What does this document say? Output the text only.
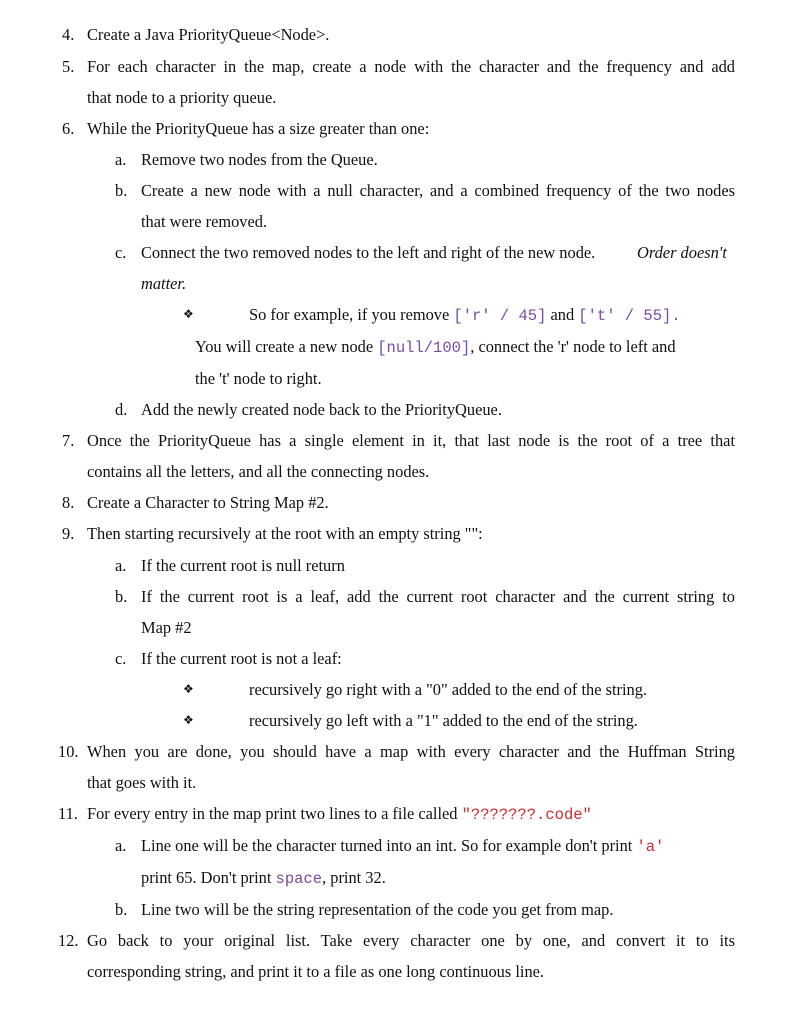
4. Create a Java PriorityQueue<Node>.
5. For each character in the map, create a node with the character and the frequency and add
that node to a priority queue.
6. While the PriorityQueue has a size greater than one:
a. Remove two nodes from the Queue.
b. Create a new node with a null character, and a combined frequency of the two nodes
that were removed.
c. Connect the two removed nodes to the left and right of the new node.	Order doesn't
matter.
❖	So for example, if you remove ['r' / 45] and ['t' / 55].
You will create a new node [null/100], connect the 'r' node to left and
the 't' node to right.
d. Add the newly created node back to the PriorityQueue.
7. Once the PriorityQueue has a single element in it, that last node is the root of a tree that
contains all the letters, and all the connecting nodes.
8. Create a Character to String Map #2.
9. Then starting recursively at the root with an empty string "":
a. If the current root is null return
b. If the current root is a leaf, add the current root character and the current string to
Map #2
c. If the current root is not a leaf:
❖	recursively go right with a "0" added to the end of the string.
❖	recursively go left with a "1" added to the end of the string.
10. When you are done, you should have a map with every character and the Huffman String
that goes with it.
11. For every entry in the map print two lines to a file called "???????.code"
a. Line one will be the character turned into an int. So for example don't print 'a'
print 65. Don't print space, print 32.
b. Line two will be the string representation of the code you get from map.
12. Go back to your original list. Take every character one by one, and convert it to its
corresponding string, and print it to a file as one long continuous line.
